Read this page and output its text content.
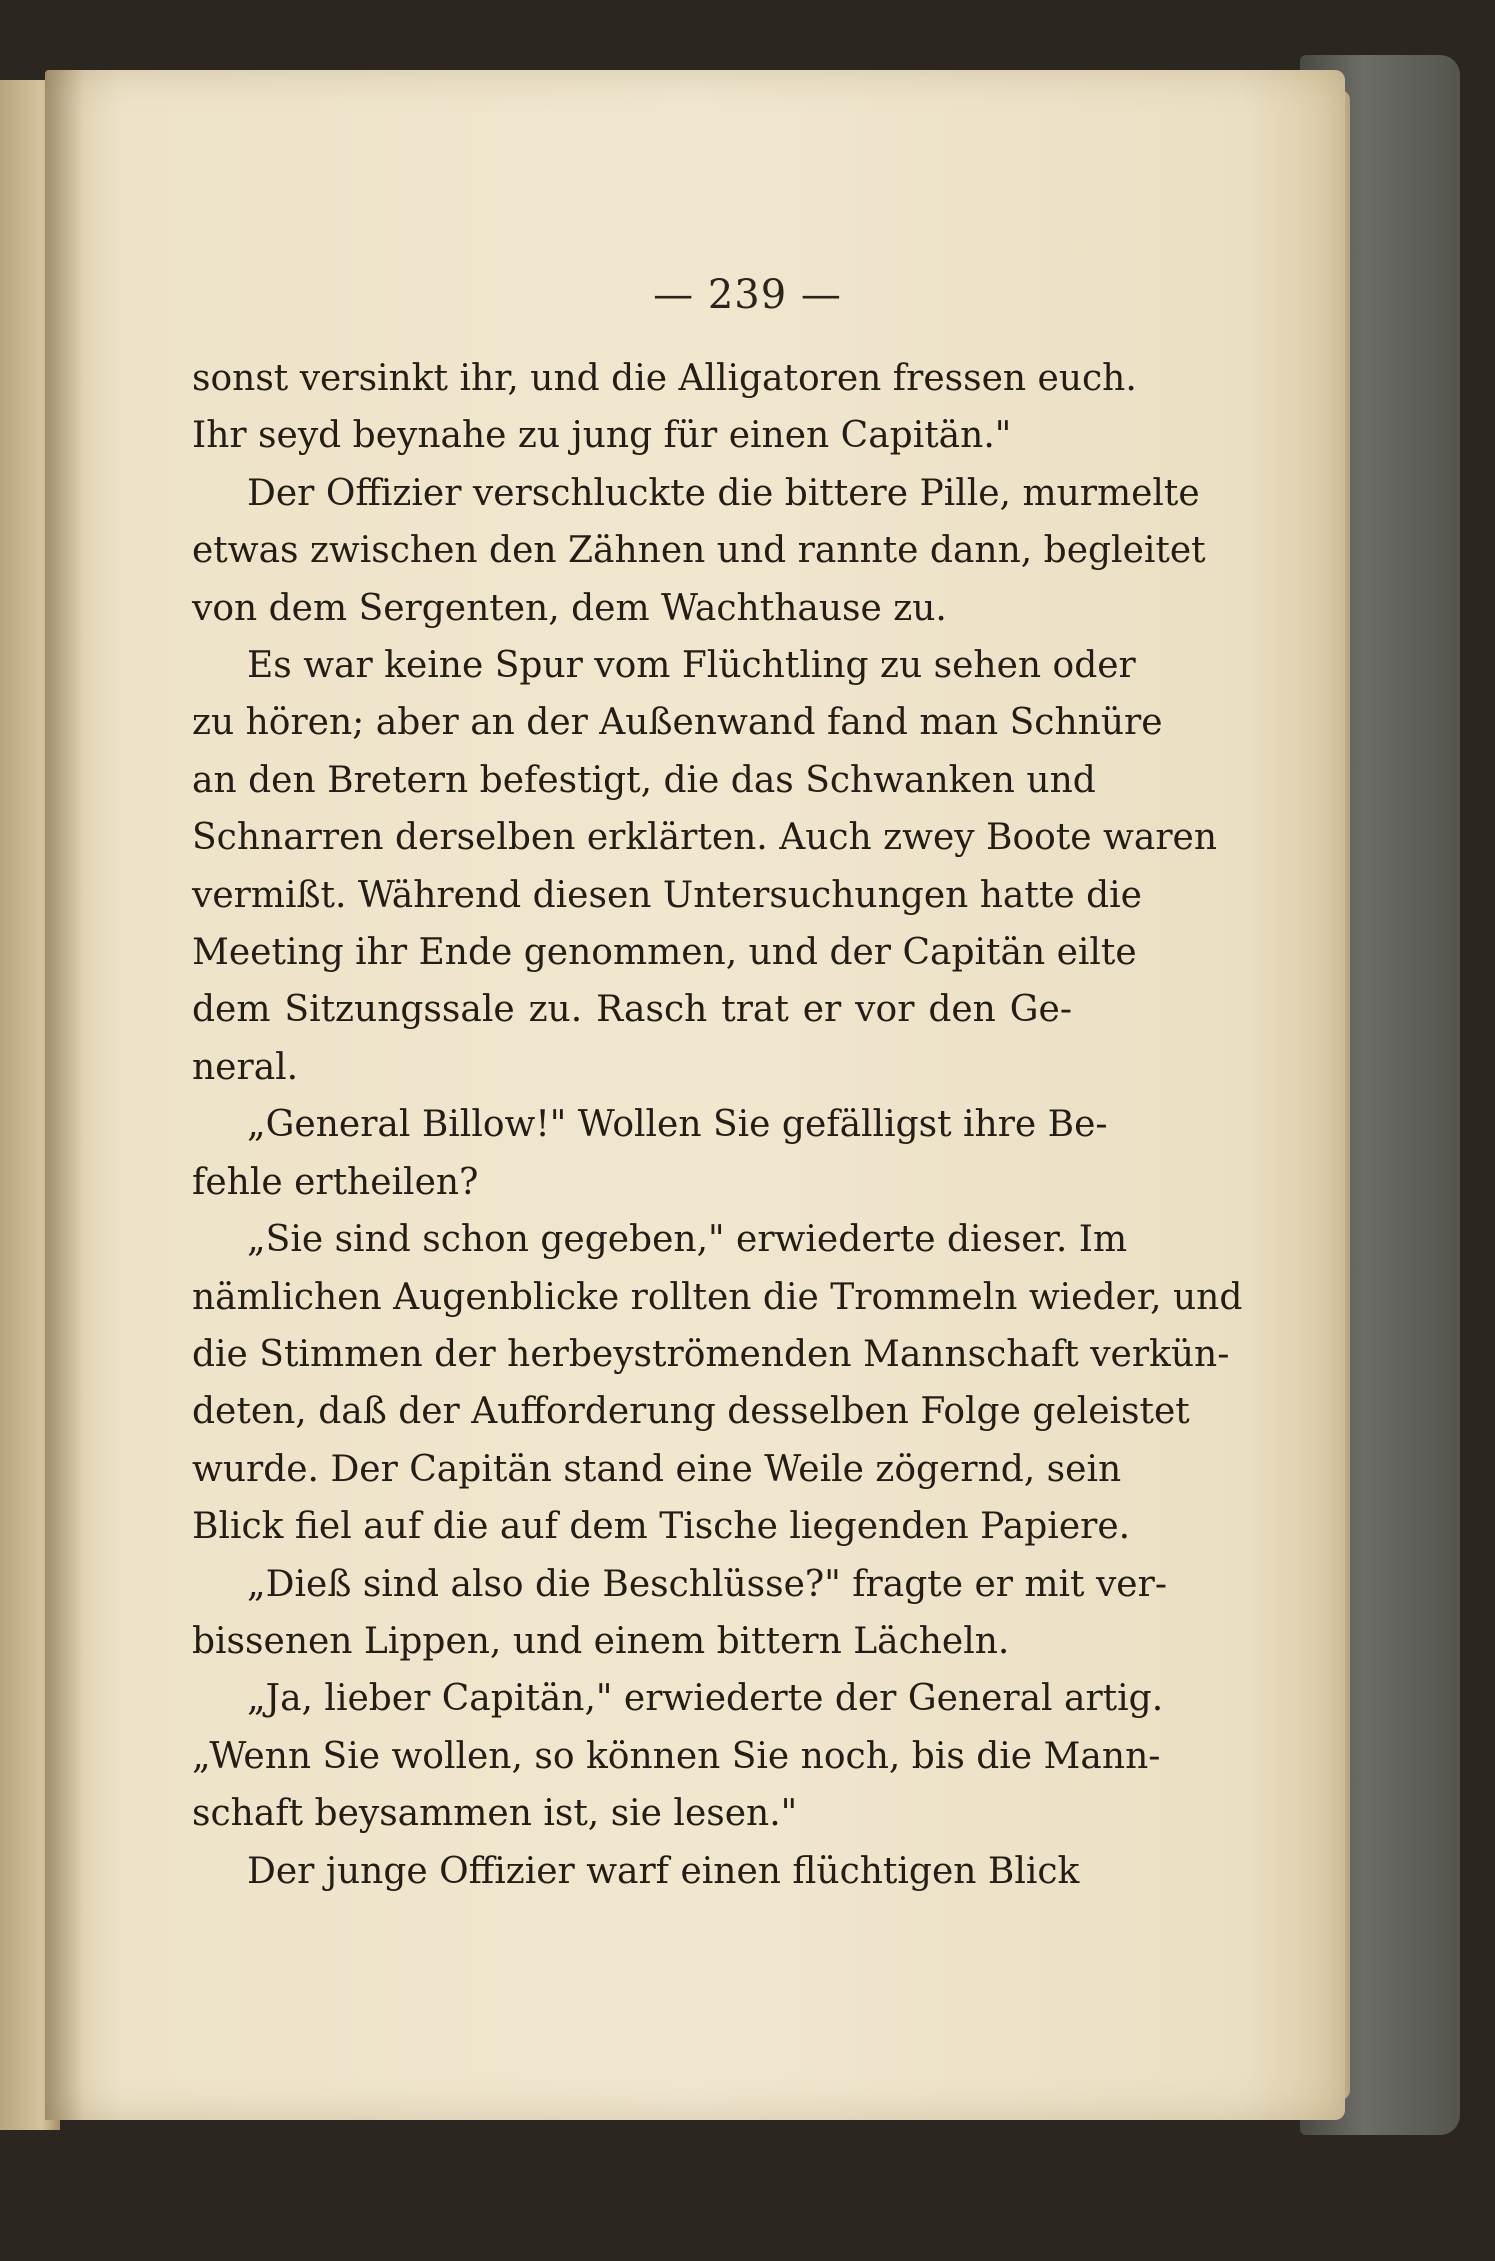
— 239 —
sonst versinkt ihr, und die Alligatoren fressen euch.
Ihr seyd beynahe zu jung für einen Capitän."
Der Offizier verschluckte die bittere Pille, murmelte
etwas zwischen den Zähnen und rannte dann, begleitet
von dem Sergenten, dem Wachthause zu.
Es war keine Spur vom Flüchtling zu sehen oder
zu hören; aber an der Außenwand fand man Schnüre
an den Bretern befestigt, die das Schwanken und
Schnarren derselben erklärten. Auch zwey Boote waren
vermißt. Während diesen Untersuchungen hatte die
Meeting ihr Ende genommen, und der Capitän eilte
dem Sitzungssale zu. Rasch trat er vor den Ge-
neral.
„General Billow!" Wollen Sie gefälligst ihre Be-
fehle ertheilen?
„Sie sind schon gegeben," erwiederte dieser. Im
nämlichen Augenblicke rollten die Trommeln wieder, und
die Stimmen der herbeyströmenden Mannschaft verkün-
deten, daß der Aufforderung desselben Folge geleistet
wurde. Der Capitän stand eine Weile zögernd, sein
Blick fiel auf die auf dem Tische liegenden Papiere.
„Dieß sind also die Beschlüsse?" fragte er mit ver-
bissenen Lippen, und einem bittern Lächeln.
„Ja, lieber Capitän," erwiederte der General artig.
„Wenn Sie wollen, so können Sie noch, bis die Mann-
schaft beysammen ist, sie lesen."
Der junge Offizier warf einen flüchtigen Blick
